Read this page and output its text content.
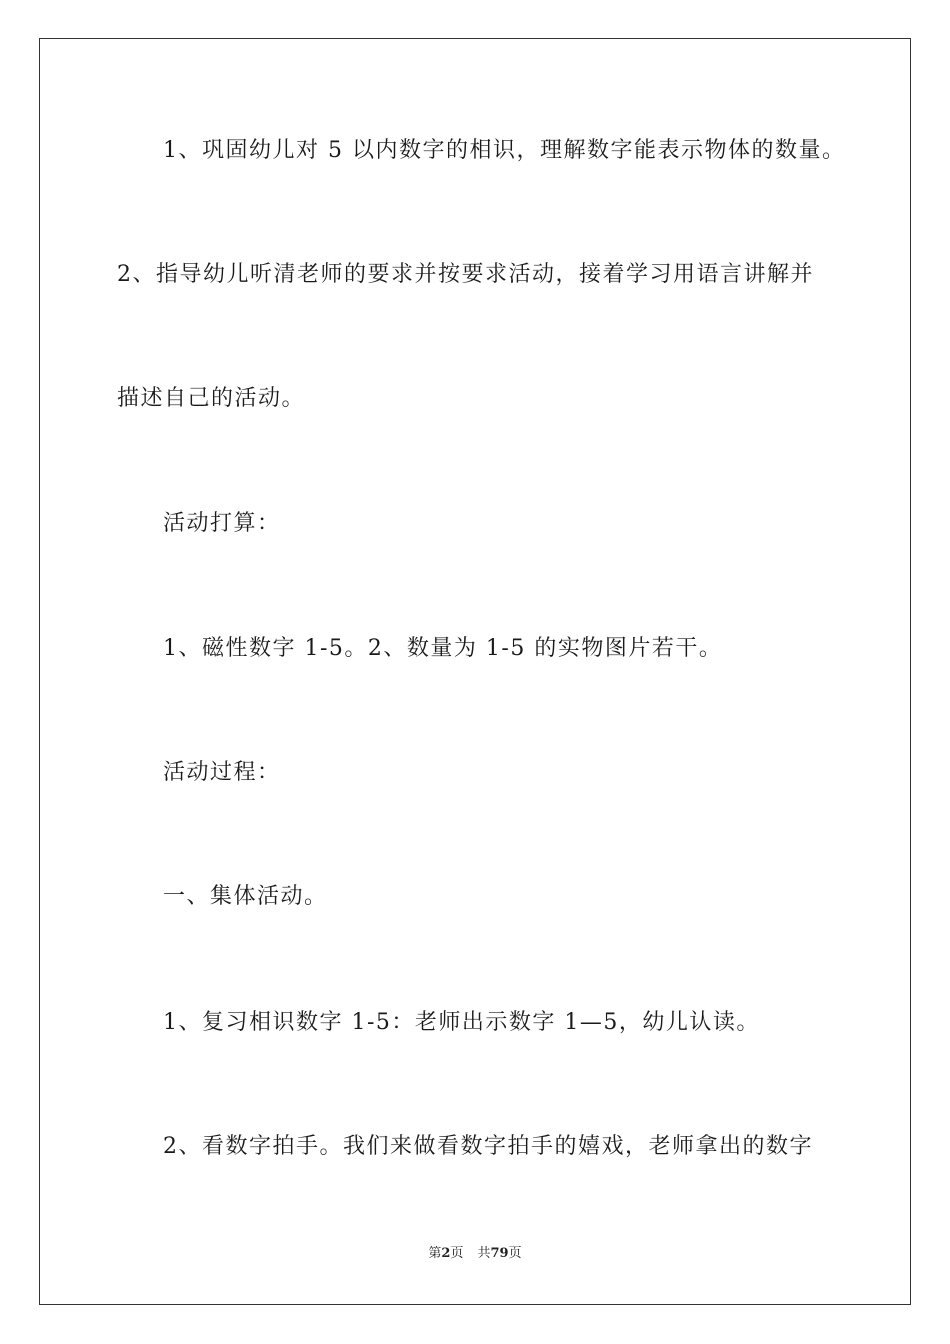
1、巩固幼儿对 5 以内数字的相识，理解数字能表示物体的数量。
2、指导幼儿听清老师的要求并按要求活动，接着学习用语言讲解并
描述自己的活动。
活动打算：
1、磁性数字 1-5。2、数量为 1-5 的实物图片若干。
活动过程：
一、集体活动。
1、复习相识数字 1-5：老师出示数字 1—5，幼儿认读。
2、看数字拍手。我们来做看数字拍手的嬉戏，老师拿出的数字
第2页 共79页
